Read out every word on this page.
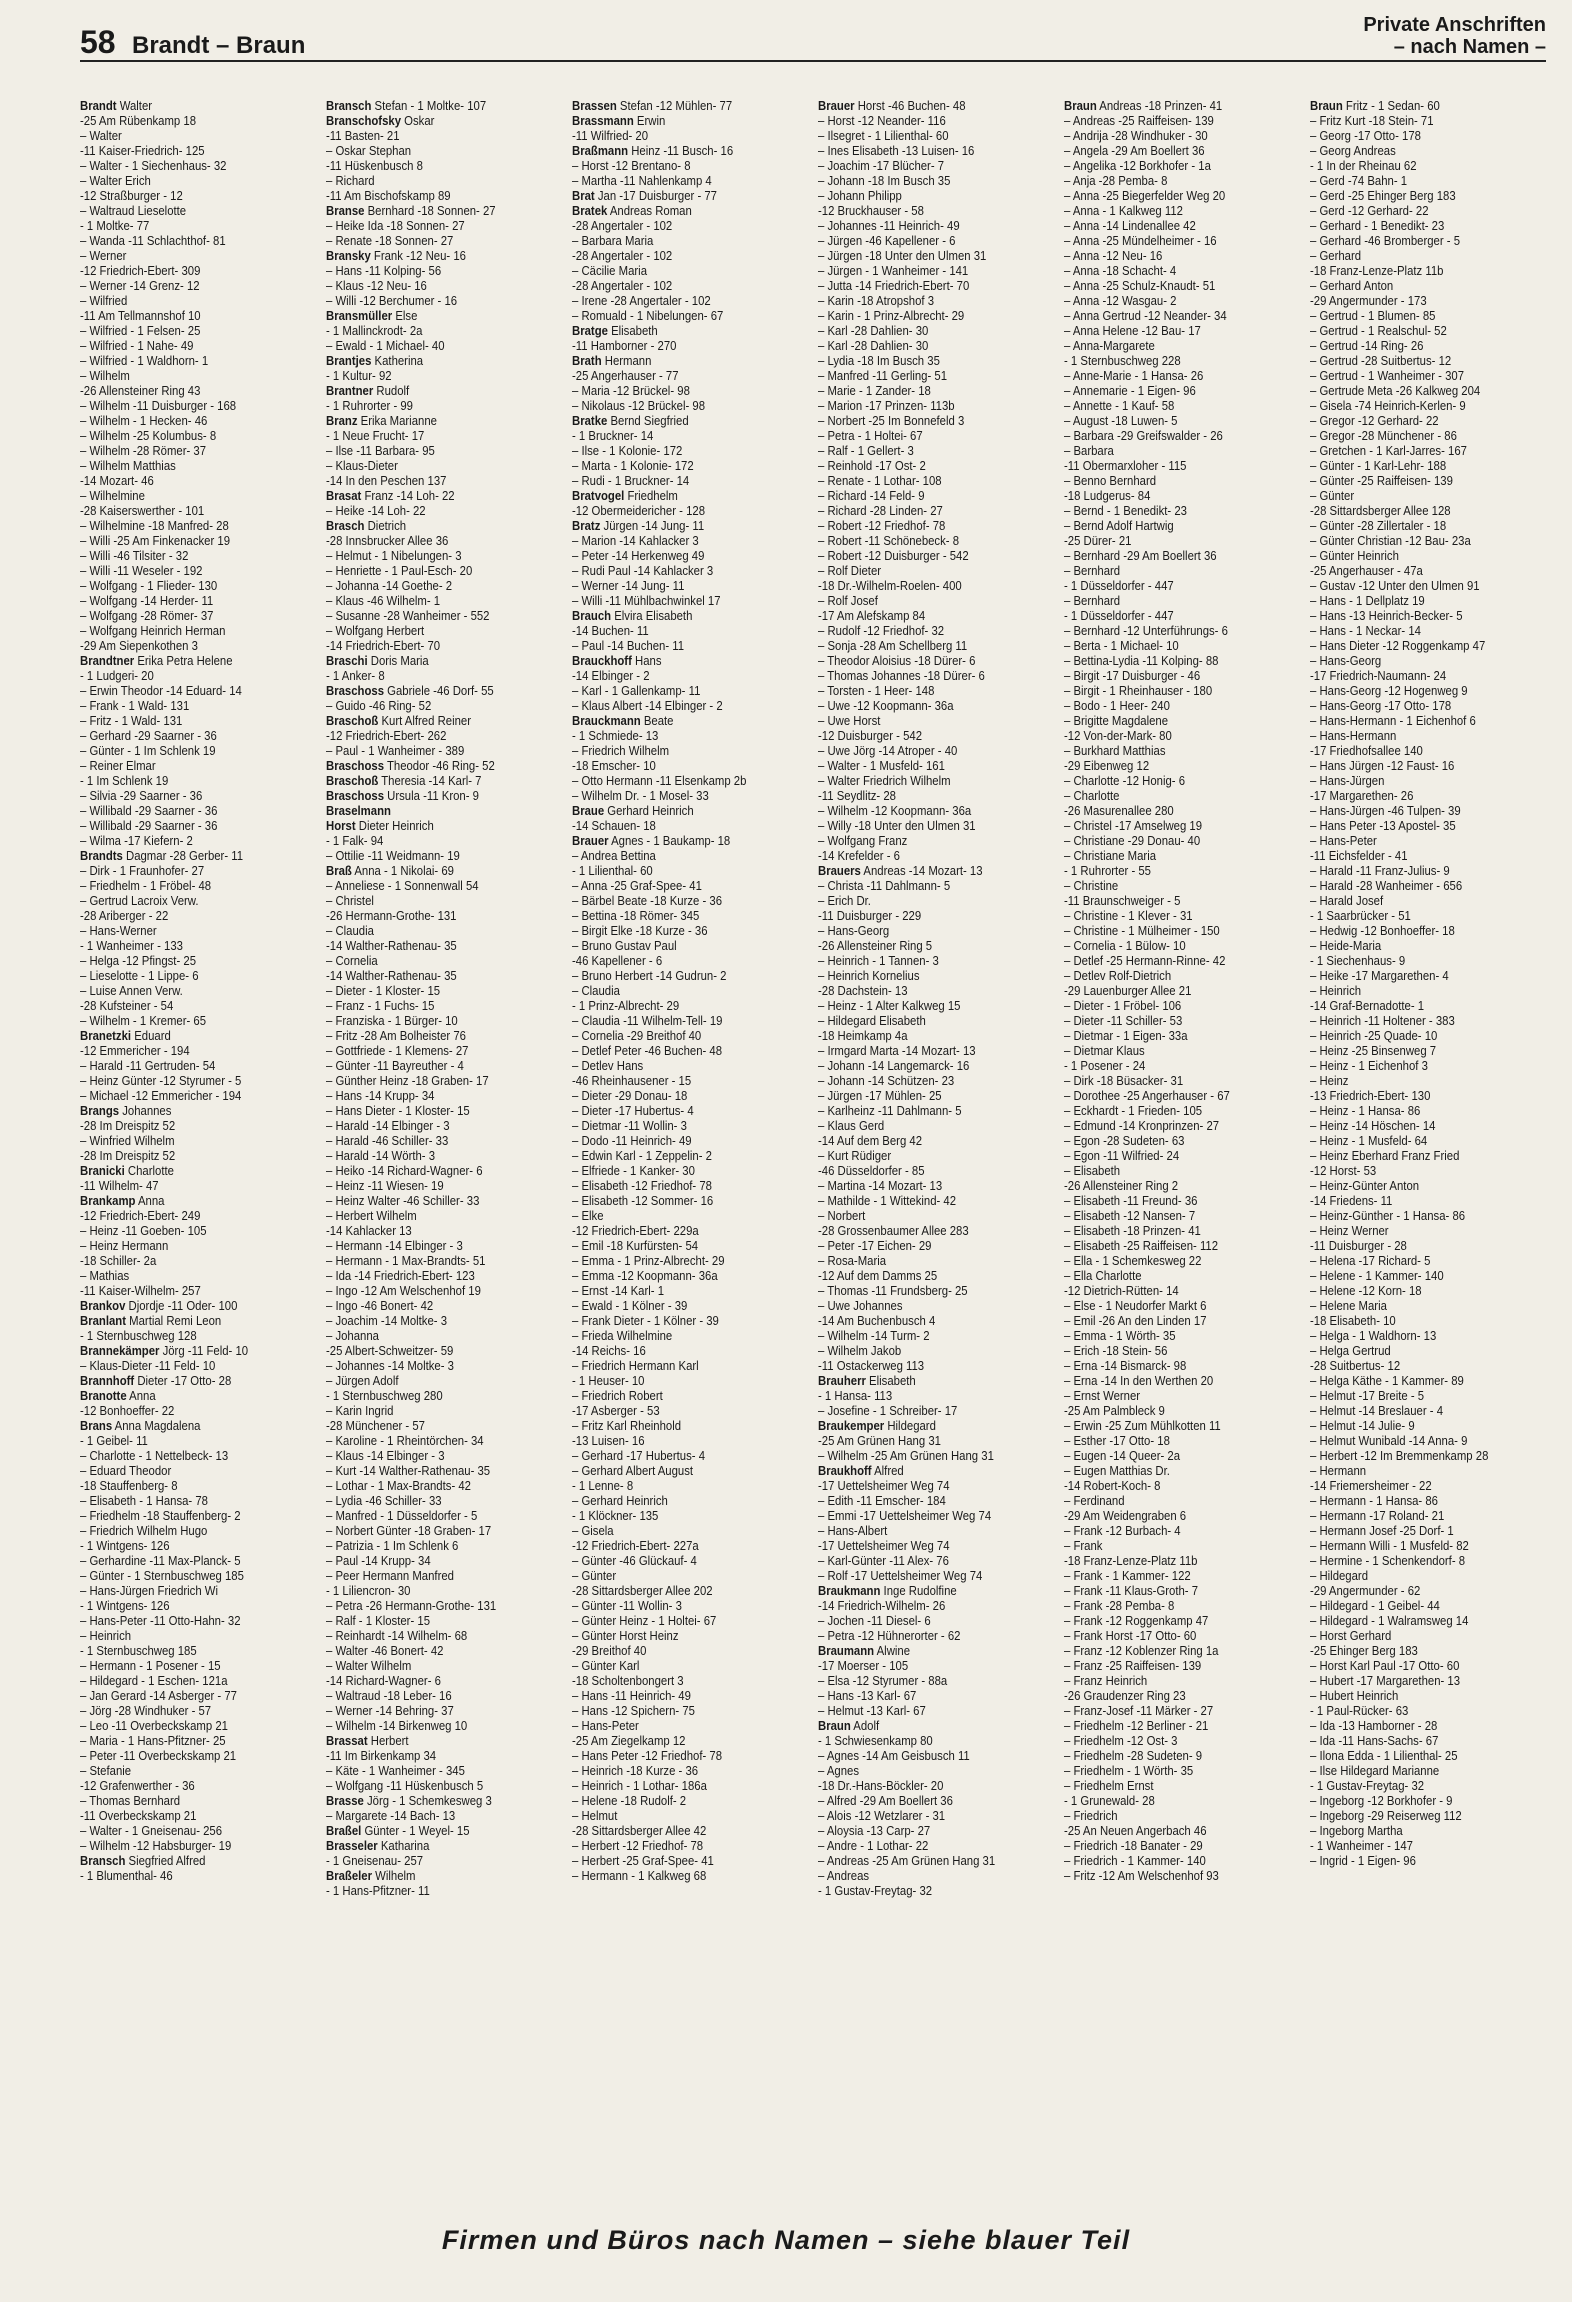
58 Brandt – Braun
Private Anschriften
– nach Namen –
Brandt Walter
-25 Am Rübenkamp 18
– Walter
-11 Kaiser-Friedrich- 125
– Walter - 1 Siechenhaus- 32
– Walter Erich
-12 Straßburger - 12
– Waltraud Lieselotte
- 1 Moltke- 77
– Wanda -11 Schlachthof- 81
– Werner
-12 Friedrich-Ebert- 309
– Werner -14 Grenz- 12
– Wilfried
-11 Am Tellmannshof 10
– Wilfried - 1 Felsen- 25
– Wilfried - 1 Nahe- 49
– Wilfried - 1 Waldhorn- 1
– Wilhelm
-26 Allensteiner Ring 43
– Wilhelm -11 Duisburger - 168
– Wilhelm - 1 Hecken- 46
– Wilhelm -25 Kolumbus- 8
– Wilhelm -28 Römer- 37
– Wilhelm Matthias
-14 Mozart- 46
– Wilhelmine
-28 Kaiserswerther - 101
– Wilhelmine -18 Manfred- 28
– Willi -25 Am Finkenacker 19
– Willi -46 Tilsiter - 32
– Willi -11 Weseler - 192
– Wolfgang - 1 Flieder- 130
– Wolfgang -14 Herder- 11
– Wolfgang -28 Römer- 37
– Wolfgang Heinrich Herman
-29 Am Siepenkothen 3
Brandtner Erika Petra Helene
- 1 Ludgeri- 20
– Erwin Theodor -14 Eduard- 14
– Frank - 1 Wald- 131
– Fritz - 1 Wald- 131
– Gerhard -29 Saarner - 36
– Günter - 1 Im Schlenk 19
– Reiner Elmar
- 1 Im Schlenk 19
– Silvia -29 Saarner - 36
– Willibald -29 Saarner - 36
– Willibald -29 Saarner - 36
– Wilma -17 Kiefern- 2
Brandts Dagmar -28 Gerber- 11
– Dirk - 1 Fraunhofer- 27
– Friedhelm - 1 Fröbel- 48
– Gertrud Lacroix Verw.
-28 Ariberger - 22
– Hans-Werner
- 1 Wanheimer - 133
– Helga -12 Pfingst- 25
– Lieselotte - 1 Lippe- 6
– Luise Annen Verw.
-28 Kufsteiner - 54
– Wilhelm - 1 Kremer- 65
Branetzki Eduard
-12 Emmericher - 194
– Harald -11 Gertruden- 54
– Heinz Günter -12 Styrumer - 5
– Michael -12 Emmericher - 194
Brangs Johannes
-28 Im Dreispitz 52
– Winfried Wilhelm
-28 Im Dreispitz 52
Branicki Charlotte
-11 Wilhelm- 47
Brankamp Anna
-12 Friedrich-Ebert- 249
– Heinz -11 Goeben- 105
– Heinz Hermann
-18 Schiller- 2a
– Mathias
-11 Kaiser-Wilhelm- 257
Brankov Djordje -11 Oder- 100
Branlant Martial Remi Leon
- 1 Sternbuschweg 128
Brannekämper Jörg -11 Feld- 10
– Klaus-Dieter -11 Feld- 10
Brannhoff Dieter -17 Otto- 28
Branotte Anna
-12 Bonhoeffer- 22
Brans Anna Magdalena
- 1 Geibel- 11
– Charlotte - 1 Nettelbeck- 13
– Eduard Theodor
-18 Stauffenberg- 8
– Elisabeth - 1 Hansa- 78
– Friedhelm -18 Stauffenberg- 2
– Friedrich Wilhelm Hugo
- 1 Wintgens- 126
– Gerhardine -11 Max-Planck- 5
– Günter - 1 Sternbuschweg 185
– Hans-Jürgen Friedrich Wi
- 1 Wintgens- 126
– Hans-Peter -11 Otto-Hahn- 32
– Heinrich
- 1 Sternbuschweg 185
– Hermann - 1 Posener - 15
– Hildegard - 1 Eschen- 121a
– Jan Gerard -14 Asberger - 77
– Jörg -28 Windhuker - 57
– Leo -11 Overbeckskamp 21
– Maria - 1 Hans-Pfitzner- 25
– Peter -11 Overbeckskamp 21
– Stefanie
-12 Grafenwerther - 36
– Thomas Bernhard
-11 Overbeckskamp 21
– Walter - 1 Gneisenau- 256
– Wilhelm -12 Habsburger- 19
Bransch Siegfried Alfred
- 1 Blumenthal- 46
Bransch Stefan - 1 Moltke- 107
Branschofsky Oskar
-11 Basten- 21
– Oskar Stephan
-11 Hüskenbusch 8
– Richard
-11 Am Bischofskamp 89
Branse Bernhard -18 Sonnen- 27
– Heike Ida -18 Sonnen- 27
– Renate -18 Sonnen- 27
Bransky Frank -12 Neu- 16
– Hans -11 Kolping- 56
– Klaus -12 Neu- 16
– Willi -12 Berchumer - 16
Bransmüller Else
- 1 Mallinckrodt- 2a
– Ewald - 1 Michael- 40
Brantjes Katherina
- 1 Kultur- 92
Brantner Rudolf
- 1 Ruhrorter - 99
Branz Erika Marianne
- 1 Neue Frucht- 17
– Ilse -11 Barbara- 95
– Klaus-Dieter
-14 In den Peschen 137
Brasat Franz -14 Loh- 22
– Heike -14 Loh- 22
Brasch Dietrich
-28 Innsbrucker Allee 36
– Helmut - 1 Nibelungen- 3
– Henriette - 1 Paul-Esch- 20
– Johanna -14 Goethe- 2
– Klaus -46 Wilhelm- 1
– Susanne -28 Wanheimer - 552
– Wolfgang Herbert
-14 Friedrich-Ebert- 70
Braschi Doris Maria
- 1 Anker- 8
Braschoss Gabriele -46 Dorf- 55
– Guido -46 Ring- 52
Braschoß Kurt Alfred Reiner
-12 Friedrich-Ebert- 262
– Paul - 1 Wanheimer - 389
Braschoss Theodor -46 Ring- 52
Braschoß Theresia -14 Karl- 7
Braschoss Ursula -11 Kron- 9
Braselmann
Horst Dieter Heinrich
- 1 Falk- 94
– Ottilie -11 Weidmann- 19
Braß Anna - 1 Nikolai- 69
– Anneliese - 1 Sonnenwall 54
– Christel
-26 Hermann-Grothe- 131
– Claudia
-14 Walther-Rathenau- 35
– Cornelia
-14 Walther-Rathenau- 35
– Dieter - 1 Kloster- 15
– Franz - 1 Fuchs- 15
– Franziska - 1 Bürger- 10
– Fritz -28 Am Bolheister 76
– Gottfriede - 1 Klemens- 27
– Günter -11 Bayreuther - 4
– Günther Heinz -18 Graben- 17
– Hans -14 Krupp- 34
– Hans Dieter - 1 Kloster- 15
– Harald -14 Elbinger - 3
– Harald -46 Schiller- 33
– Harald -14 Wörth- 3
– Heiko -14 Richard-Wagner- 6
– Heinz -11 Wiesen- 19
– Heinz Walter -46 Schiller- 33
– Herbert Wilhelm
-14 Kahlacker 13
– Hermann -14 Elbinger - 3
– Hermann - 1 Max-Brandts- 51
– Ida -14 Friedrich-Ebert- 123
– Ingo -12 Am Welschenhof 19
– Ingo -46 Bonert- 42
– Joachim -14 Moltke- 3
– Johanna
-25 Albert-Schweitzer- 59
– Johannes -14 Moltke- 3
– Jürgen Adolf
- 1 Sternbuschweg 280
– Karin Ingrid
-28 Münchener - 57
– Karoline - 1 Rheintörchen- 34
– Klaus -14 Elbinger - 3
– Kurt -14 Walther-Rathenau- 35
– Lothar - 1 Max-Brandts- 42
– Lydia -46 Schiller- 33
– Manfred - 1 Düsseldorfer - 5
– Norbert Günter -18 Graben- 17
– Patrizia - 1 Im Schlenk 6
– Paul -14 Krupp- 34
– Peer Hermann Manfred
- 1 Liliencron- 30
– Petra -26 Hermann-Grothe- 131
– Ralf - 1 Kloster- 15
– Reinhardt -14 Wilhelm- 68
– Walter -46 Bonert- 42
– Walter Wilhelm
-14 Richard-Wagner- 6
– Waltraud -18 Leber- 16
– Werner -14 Behring- 37
– Wilhelm -14 Birkenweg 10
Brassat Herbert
-11 Im Birkenkamp 34
– Käte - 1 Wanheimer - 345
– Wolfgang -11 Hüskenbusch 5
Brasse Jörg - 1 Schemkesweg 3
– Margarete -14 Bach- 13
Braßel Günter - 1 Weyel- 15
Brasseler Katharina
- 1 Gneisenau- 257
Braßeler Wilhelm
- 1 Hans-Pfitzner- 11
Brassen Stefan -12 Mühlen- 77
Brassmann Erwin
-11 Wilfried- 20
Braßmann Heinz -11 Busch- 16
– Horst -12 Brentano- 8
– Martha -11 Nahlenkamp 4
Brat Jan -17 Duisburger - 77
Bratek Andreas Roman
-28 Angertaler - 102
– Barbara Maria
-28 Angertaler - 102
– Cäcilie Maria
-28 Angertaler - 102
– Irene -28 Angertaler - 102
– Romuald - 1 Nibelungen- 67
Bratge Elisabeth
-11 Hamborner - 270
Brath Hermann
-25 Angerhauser - 77
– Maria -12 Brückel- 98
– Nikolaus -12 Brückel- 98
Bratke Bernd Siegfried
- 1 Bruckner- 14
– Ilse - 1 Kolonie- 172
– Marta - 1 Kolonie- 172
– Rudi - 1 Bruckner- 14
Bratvogel Friedhelm
-12 Obermeidericher - 128
Bratz Jürgen -14 Jung- 11
– Marion -14 Kahlacker 3
– Peter -14 Herkenweg 49
– Rudi Paul -14 Kahlacker 3
– Werner -14 Jung- 11
– Willi -11 Mühlbachwinkel 17
Brauch Elvira Elisabeth
-14 Buchen- 11
– Paul -14 Buchen- 11
Brauckhoff Hans
-14 Elbinger - 2
– Karl - 1 Gallenkamp- 11
– Klaus Albert -14 Elbinger - 2
Brauckmann Beate
- 1 Schmiede- 13
– Friedrich Wilhelm
-18 Emscher- 10
– Otto Hermann -11 Elsenkamp 2b
– Wilhelm Dr. - 1 Mosel- 33
Braue Gerhard Heinrich
-14 Schauen- 18
Brauer Agnes - 1 Baukamp- 18
– Andrea Bettina
- 1 Lilienthal- 60
– Anna -25 Graf-Spee- 41
– Bärbel Beate -18 Kurze - 36
– Bettina -18 Römer- 345
– Birgit Elke -18 Kurze - 36
– Bruno Gustav Paul
-46 Kapellener - 6
– Bruno Herbert -14 Gudrun- 2
– Claudia
- 1 Prinz-Albrecht- 29
– Claudia -11 Wilhelm-Tell- 19
– Cornelia -29 Breithof 40
– Detlef Peter -46 Buchen- 48
– Detlev Hans
-46 Rheinhausener - 15
– Dieter -29 Donau- 18
– Dieter -17 Hubertus- 4
– Dietmar -11 Wollin- 3
– Dodo -11 Heinrich- 49
– Edwin Karl - 1 Zeppelin- 2
– Elfriede - 1 Kanker- 30
– Elisabeth -12 Friedhof- 78
– Elisabeth -12 Sommer- 16
– Elke
-12 Friedrich-Ebert- 229a
– Emil -18 Kurfürsten- 54
– Emma - 1 Prinz-Albrecht- 29
– Emma -12 Koopmann- 36a
– Ernst -14 Karl- 1
– Ewald - 1 Kölner - 39
– Frank Dieter - 1 Kölner - 39
– Frieda Wilhelmine
-14 Reichs- 16
– Friedrich Hermann Karl
- 1 Heuser- 10
– Friedrich Robert
-17 Asberger - 53
– Fritz Karl Rheinhold
-13 Luisen- 16
– Gerhard -17 Hubertus- 4
– Gerhard Albert August
- 1 Lenne- 8
– Gerhard Heinrich
- 1 Klöckner- 135
– Gisela
-12 Friedrich-Ebert- 227a
– Günter -46 Glückauf- 4
– Günter
-28 Sittardsberger Allee 202
– Günter -11 Wollin- 3
– Günter Heinz - 1 Holtei- 67
– Günter Horst Heinz
-29 Breithof 40
– Günter Karl
-18 Scholtenbongert 3
– Hans -11 Heinrich- 49
– Hans -12 Spichern- 75
– Hans-Peter
-25 Am Ziegelkamp 12
– Hans Peter -12 Friedhof- 78
– Heinrich -18 Kurze - 36
– Heinrich - 1 Lothar- 186a
– Helene -18 Rudolf- 2
– Helmut
-28 Sittardsberger Allee 42
– Herbert -12 Friedhof- 78
– Herbert -25 Graf-Spee- 41
– Hermann - 1 Kalkweg 68
Brauer Horst -46 Buchen- 48
– Horst -12 Neander- 116
– Ilsegret - 1 Lilienthal- 60
– Ines Elisabeth -13 Luisen- 16
– Joachim -17 Blücher- 7
– Johann -18 Im Busch 35
– Johann Philipp
-12 Bruckhauser - 58
– Johannes -11 Heinrich- 49
– Jürgen -46 Kapellener - 6
– Jürgen -18 Unter den Ulmen 31
– Jürgen - 1 Wanheimer - 141
– Jutta -14 Friedrich-Ebert- 70
– Karin -18 Atropshof 3
– Karin - 1 Prinz-Albrecht- 29
– Karl -28 Dahlien- 30
– Karl -28 Dahlien- 30
– Lydia -18 Im Busch 35
– Manfred -11 Gerling- 51
– Marie - 1 Zander- 18
– Marion -17 Prinzen- 113b
– Norbert -25 Im Bonnefeld 3
– Petra - 1 Holtei- 67
– Ralf - 1 Gellert- 3
– Reinhold -17 Ost- 2
– Renate - 1 Lothar- 108
– Richard -14 Feld- 9
– Richard -28 Linden- 27
– Robert -12 Friedhof- 78
– Robert -11 Schönebeck- 8
– Robert -12 Duisburger - 542
– Rolf Dieter
-18 Dr.-Wilhelm-Roelen- 400
– Rolf Josef
-17 Am Alefskamp 84
– Rudolf -12 Friedhof- 32
– Sonja -28 Am Schellberg 11
– Theodor Aloisius -18 Dürer- 6
– Thomas Johannes -18 Dürer- 6
– Torsten - 1 Heer- 148
– Uwe -12 Koopmann- 36a
– Uwe Horst
-12 Duisburger - 542
– Uwe Jörg -14 Atroper - 40
– Walter - 1 Musfeld- 161
– Walter Friedrich Wilhelm
-11 Seydlitz- 28
– Wilhelm -12 Koopmann- 36a
– Willy -18 Unter den Ulmen 31
– Wolfgang Franz
-14 Krefelder - 6
Brauers Andreas -14 Mozart- 13
– Christa -11 Dahlmann- 5
– Erich Dr.
-11 Duisburger - 229
– Hans-Georg
-26 Allensteiner Ring 5
– Heinrich - 1 Tannen- 3
– Heinrich Kornelius
-28 Dachstein- 13
– Heinz - 1 Alter Kalkweg 15
– Hildegard Elisabeth
-18 Heimkamp 4a
– Irmgard Marta -14 Mozart- 13
– Johann -14 Langemarck- 16
– Johann -14 Schützen- 23
– Jürgen -17 Mühlen- 25
– Karlheinz -11 Dahlmann- 5
– Klaus Gerd
-14 Auf dem Berg 42
– Kurt Rüdiger
-46 Düsseldorfer - 85
– Martina -14 Mozart- 13
– Mathilde - 1 Wittekind- 42
– Norbert
-28 Grossenbaumer Allee 283
– Peter -17 Eichen- 29
– Rosa-Maria
-12 Auf dem Damms 25
– Thomas -11 Frundsberg- 25
– Uwe Johannes
-14 Am Buchenbusch 4
– Wilhelm -14 Turm- 2
– Wilhelm Jakob
-11 Ostackerweg 113
Brauherr Elisabeth
- 1 Hansa- 113
– Josefine - 1 Schreiber- 17
Braukemper Hildegard
-25 Am Grünen Hang 31
– Wilhelm -25 Am Grünen Hang 31
Braukhoff Alfred
-17 Uettelsheimer Weg 74
– Edith -11 Emscher- 184
– Emmi -17 Uettelsheimer Weg 74
– Hans-Albert
-17 Uettelsheimer Weg 74
– Karl-Günter -11 Alex- 76
– Rolf -17 Uettelsheimer Weg 74
Braukmann Inge Rudolfine
-14 Friedrich-Wilhelm- 26
– Jochen -11 Diesel- 6
– Petra -12 Hühnerorter - 62
Braumann Alwine
-17 Moerser - 105
– Elsa -12 Styrumer - 88a
– Hans -13 Karl- 67
– Helmut -13 Karl- 67
Braun Adolf
- 1 Schwiesenkamp 80
– Agnes -14 Am Geisbusch 11
– Agnes
-18 Dr.-Hans-Böckler- 20
– Alfred -29 Am Boellert 36
– Alois -12 Wetzlarer - 31
– Aloysia -13 Carp- 27
– Andre - 1 Lothar- 22
– Andreas -25 Am Grünen Hang 31
– Andreas
- 1 Gustav-Freytag- 32
Braun Andreas -18 Prinzen- 41
– Andreas -25 Raiffeisen- 139
– Andrija -28 Windhuker - 30
– Angela -29 Am Boellert 36
– Angelika -12 Borkhofer - 1a
– Anja -28 Pemba- 8
– Anna -25 Biegerfelder Weg 20
– Anna - 1 Kalkweg 112
– Anna -14 Lindenallee 42
– Anna -25 Mündelheimer - 16
– Anna -12 Neu- 16
– Anna -18 Schacht- 4
– Anna -25 Schulz-Knaudt- 51
– Anna -12 Wasgau- 2
– Anna Gertrud -12 Neander- 34
– Anna Helene -12 Bau- 17
– Anna-Margarete
- 1 Sternbuschweg 228
– Anne-Marie - 1 Hansa- 26
– Annemarie - 1 Eigen- 96
– Annette - 1 Kauf- 58
– August -18 Luwen- 5
– Barbara -29 Greifswalder - 26
– Barbara
-11 Obermarxloher - 115
– Benno Bernhard
-18 Ludgerus- 84
– Bernd - 1 Benedikt- 23
– Bernd Adolf Hartwig
-25 Dürer- 21
– Bernhard -29 Am Boellert 36
– Bernhard
- 1 Düsseldorfer - 447
– Bernhard
- 1 Düsseldorfer - 447
– Bernhard -12 Unterführungs- 6
– Berta - 1 Michael- 10
– Bettina-Lydia -11 Kolping- 88
– Birgit -17 Duisburger - 46
– Birgit - 1 Rheinhauser - 180
– Bodo - 1 Heer- 240
– Brigitte Magdalene
-12 Von-der-Mark- 80
– Burkhard Matthias
-29 Eibenweg 12
– Charlotte -12 Honig- 6
– Charlotte
-26 Masurenallee 280
– Christel -17 Amselweg 19
– Christiane -29 Donau- 40
– Christiane Maria
- 1 Ruhrorter - 55
– Christine
-11 Braunschweiger - 5
– Christine - 1 Klever - 31
– Christine - 1 Mülheimer - 150
– Cornelia - 1 Bülow- 10
– Detlef -25 Hermann-Rinne- 42
– Detlev Rolf-Dietrich
-29 Lauenburger Allee 21
– Dieter - 1 Fröbel- 106
– Dieter -11 Schiller- 53
– Dietmar - 1 Eigen- 33a
– Dietmar Klaus
- 1 Posener - 24
– Dirk -18 Büsacker- 31
– Dorothee -25 Angerhauser - 67
– Eckhardt - 1 Frieden- 105
– Edmund -14 Kronprinzen- 27
– Egon -28 Sudeten- 63
– Egon -11 Wilfried- 24
– Elisabeth
-26 Allensteiner Ring 2
– Elisabeth -11 Freund- 36
– Elisabeth -12 Nansen- 7
– Elisabeth -18 Prinzen- 41
– Elisabeth -25 Raiffeisen- 112
– Ella - 1 Schemkesweg 22
– Ella Charlotte
-12 Dietrich-Rütten- 14
– Else - 1 Neudorfer Markt 6
– Emil -26 An den Linden 17
– Emma - 1 Wörth- 35
– Erich -18 Stein- 56
– Erna -14 Bismarck- 98
– Erna -14 In den Werthen 20
– Ernst Werner
-25 Am Palmbleck 9
– Erwin -25 Zum Mühlkotten 11
– Esther -17 Otto- 18
– Eugen -14 Queer- 2a
– Eugen Matthias Dr.
-14 Robert-Koch- 8
– Ferdinand
-29 Am Weidengraben 6
– Frank -12 Burbach- 4
– Frank
-18 Franz-Lenze-Platz 11b
– Frank - 1 Kammer- 122
– Frank -11 Klaus-Groth- 7
– Frank -28 Pemba- 8
– Frank -12 Roggenkamp 47
– Frank Horst -17 Otto- 60
– Franz -12 Koblenzer Ring 1a
– Franz -25 Raiffeisen- 139
– Franz Heinrich
-26 Graudenzer Ring 23
– Franz-Josef -11 Märker - 27
– Friedhelm -12 Berliner - 21
– Friedhelm -12 Ost- 3
– Friedhelm -28 Sudeten- 9
– Friedhelm - 1 Wörth- 35
– Friedhelm Ernst
- 1 Grunewald- 28
– Friedrich
-25 An Neuen Angerbach 46
– Friedrich -18 Banater - 29
– Friedrich - 1 Kammer- 140
– Fritz -12 Am Welschenhof 93
Braun Fritz - 1 Sedan- 60
– Fritz Kurt -18 Stein- 71
– Georg -17 Otto- 178
– Georg Andreas
- 1 In der Rheinau 62
– Gerd -74 Bahn- 1
– Gerd -25 Ehinger Berg 183
– Gerd -12 Gerhard- 22
– Gerhard - 1 Benedikt- 23
– Gerhard -46 Bromberger - 5
– Gerhard
-18 Franz-Lenze-Platz 11b
– Gerhard Anton
-29 Angermunder - 173
– Gertrud - 1 Blumen- 85
– Gertrud - 1 Realschul- 52
– Gertrud -14 Ring- 26
– Gertrud -28 Suitbertus- 12
– Gertrud - 1 Wanheimer - 307
– Gertrude Meta -26 Kalkweg 204
– Gisela -74 Heinrich-Kerlen- 9
– Gregor -12 Gerhard- 22
– Gregor -28 Münchener - 86
– Gretchen - 1 Karl-Jarres- 167
– Günter - 1 Karl-Lehr- 188
– Günter -25 Raiffeisen- 139
– Günter
-28 Sittardsberger Allee 128
– Günter -28 Zillertaler - 18
– Günter Christian -12 Bau- 23a
– Günter Heinrich
-25 Angerhauser - 47a
– Gustav -12 Unter den Ulmen 91
– Hans - 1 Dellplatz 19
– Hans -13 Heinrich-Becker- 5
– Hans - 1 Neckar- 14
– Hans Dieter -12 Roggenkamp 47
– Hans-Georg
-17 Friedrich-Naumann- 24
– Hans-Georg -12 Hogenweg 9
– Hans-Georg -17 Otto- 178
– Hans-Hermann - 1 Eichenhof 6
– Hans-Hermann
-17 Friedhofsallee 140
– Hans Jürgen -12 Faust- 16
– Hans-Jürgen
-17 Margarethen- 26
– Hans-Jürgen -46 Tulpen- 39
– Hans Peter -13 Apostel- 35
– Hans-Peter
-11 Eichsfelder - 41
– Harald -11 Franz-Julius- 9
– Harald -28 Wanheimer - 656
– Harald Josef
- 1 Saarbrücker - 51
– Hedwig -12 Bonhoeffer- 18
– Heide-Maria
- 1 Siechenhaus- 9
– Heike -17 Margarethen- 4
– Heinrich
-14 Graf-Bernadotte- 1
– Heinrich -11 Holtener - 383
– Heinrich -25 Quade- 10
– Heinz -25 Binsenweg 7
– Heinz - 1 Eichenhof 3
– Heinz
-13 Friedrich-Ebert- 130
– Heinz - 1 Hansa- 86
– Heinz -14 Höschen- 14
– Heinz - 1 Musfeld- 64
– Heinz Eberhard Franz Fried
-12 Horst- 53
– Heinz-Günter Anton
-14 Friedens- 11
– Heinz-Günther - 1 Hansa- 86
– Heinz Werner
-11 Duisburger - 28
– Helena -17 Richard- 5
– Helene - 1 Kammer- 140
– Helene -12 Korn- 18
– Helene Maria
-18 Elisabeth- 10
– Helga - 1 Waldhorn- 13
– Helga Gertrud
-28 Suitbertus- 12
– Helga Käthe - 1 Kammer- 89
– Helmut -17 Breite - 5
– Helmut -14 Breslauer - 4
– Helmut -14 Julie- 9
– Helmut Wunibald -14 Anna- 9
– Herbert -12 Im Bremmenkamp 28
– Hermann
-14 Friemersheimer - 22
– Hermann - 1 Hansa- 86
– Hermann -17 Roland- 21
– Hermann Josef -25 Dorf- 1
– Hermann Willi - 1 Musfeld- 82
– Hermine - 1 Schenkendorf- 8
– Hildegard
-29 Angermunder - 62
– Hildegard - 1 Geibel- 44
– Hildegard - 1 Walramsweg 14
– Horst Gerhard
-25 Ehinger Berg 183
– Horst Karl Paul -17 Otto- 60
– Hubert -17 Margarethen- 13
– Hubert Heinrich
- 1 Paul-Rücker- 63
– Ida -13 Hamborner - 28
– Ida -11 Hans-Sachs- 67
– Ilona Edda - 1 Lilienthal- 25
– Ilse Hildegard Marianne
- 1 Gustav-Freytag- 32
– Ingeborg -12 Borkhofer - 9
– Ingeborg -29 Reiserweg 112
– Ingeborg Martha
- 1 Wanheimer - 147
– Ingrid - 1 Eigen- 96
Firmen und Büros nach Namen – siehe blauer Teil
